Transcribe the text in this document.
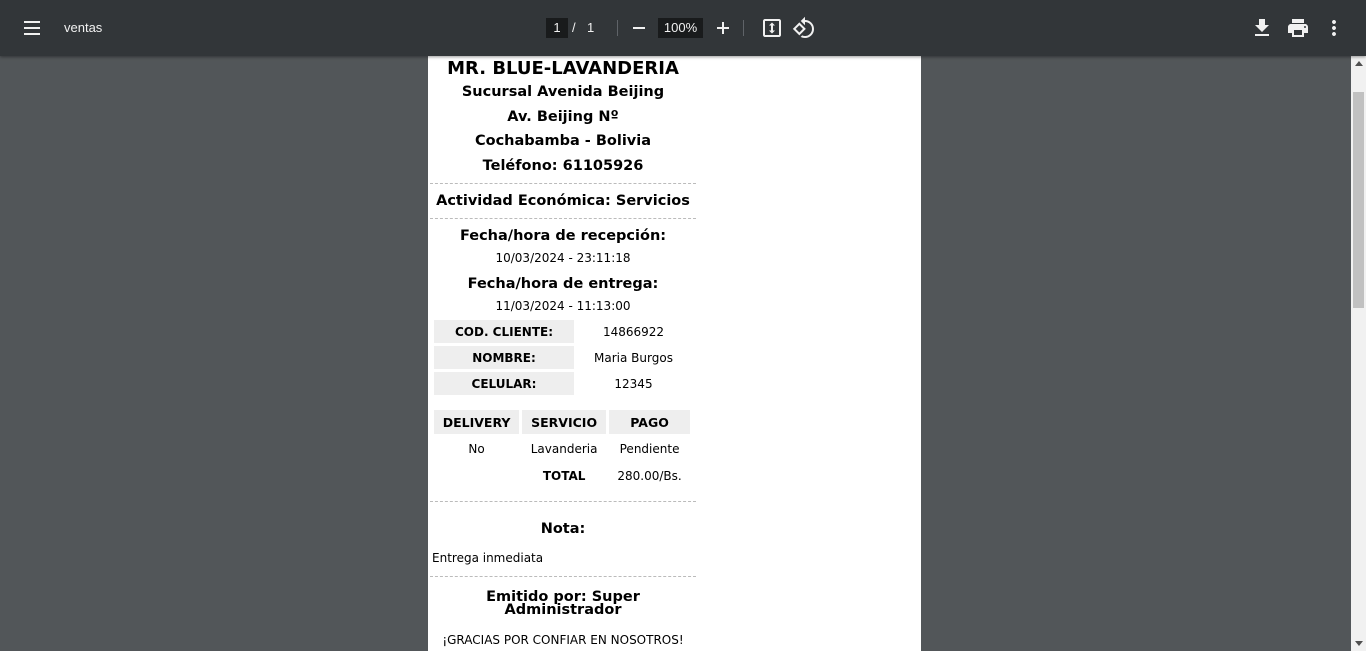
ventas	1 / 1	100%
MR. BLUE-LAVANDERIA
Sucursal Avenida Beijing
Av. Beijing Nº
Cochabamba - Bolivia
Teléfono: 61105926
Actividad Económica: Servicios
Fecha/hora de recepción:
10/03/2024 - 23:11:18
Fecha/hora de entrega:
11/03/2024 - 11:13:00
COD. CLIENTE:	14866922
NOMBRE:	Maria Burgos
CELULAR:	12345
DELIVERY	SERVICIO	PAGO
No	Lavanderia	Pendiente
	TOTAL	280.00/Bs.
Nota:
Entrega inmediata
Emitido por: Super
Administrador
¡GRACIAS POR CONFIAR EN NOSOTROS!
